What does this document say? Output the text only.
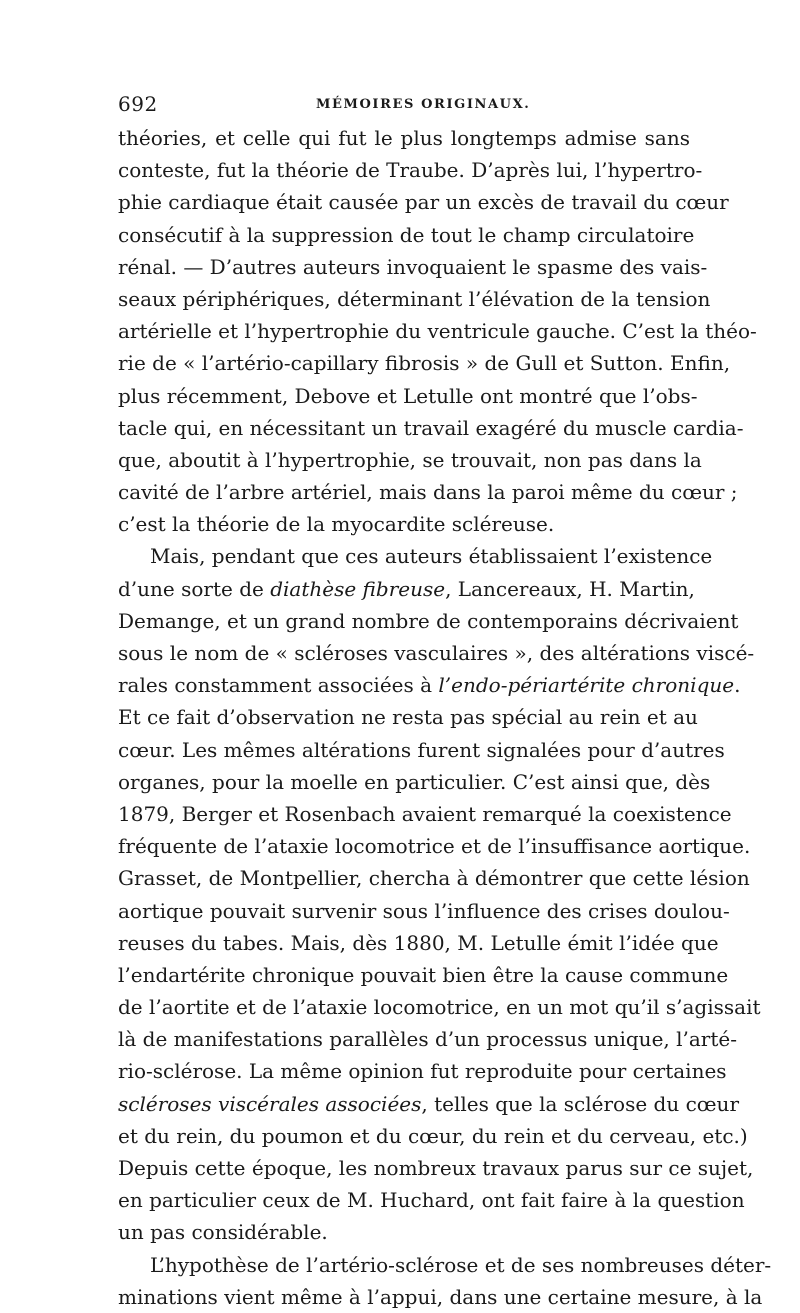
692	MÉMOIRES ORIGINAUX.
théories, et celle qui fut le plus longtemps admise sans
conteste, fut la théorie de Traube. D’après lui, l’hypertro-
phie cardiaque était causée par un excès de travail du cœur
consécutif à la suppression de tout le champ circulatoire
rénal. — D’autres auteurs invoquaient le spasme des vais-
seaux périphériques, déterminant l’élévation de la tension
artérielle et l’hypertrophie du ventricule gauche. C’est la théo-
rie de « l’artério-capillary fibrosis » de Gull et Sutton. Enfin,
plus récemment, Debove et Letulle ont montré que l’obs-
tacle qui, en nécessitant un travail exagéré du muscle cardia-
que, aboutit à l’hypertrophie, se trouvait, non pas dans la
cavité de l’arbre artériel, mais dans la paroi même du cœur ;
c’est la théorie de la myocardite scléreuse.
Mais, pendant que ces auteurs établissaient l’existence
d’une sorte de diathèse fibreuse, Lancereaux, H. Martin,
Demange, et un grand nombre de contemporains décrivaient
sous le nom de « scléroses vasculaires », des altérations viscé-
rales constamment associées à l’endo-périartérite chronique.
Et ce fait d’observation ne resta pas spécial au rein et au
cœur. Les mêmes altérations furent signalées pour d’autres
organes, pour la moelle en particulier. C’est ainsi que, dès
1879, Berger et Rosenbach avaient remarqué la coexistence
fréquente de l’ataxie locomotrice et de l’insuffisance aortique.
Grasset, de Montpellier, chercha à démontrer que cette lésion
aortique pouvait survenir sous l’influence des crises doulou-
reuses du tabes. Mais, dès 1880, M. Letulle émit l’idée que
l’endartérite chronique pouvait bien être la cause commune
de l’aortite et de l’ataxie locomotrice, en un mot qu’il s’agissait
là de manifestations parallèles d’un processus unique, l’arté-
rio-sclérose. La même opinion fut reproduite pour certaines
scléroses viscérales associées, telles que la sclérose du cœur
et du rein, du poumon et du cœur, du rein et du cerveau, etc.)
Depuis cette époque, les nombreux travaux parus sur ce sujet,
en particulier ceux de M. Huchard, ont fait faire à la question
un pas considérable.
L’hypothèse de l’artério-sclérose et de ses nombreuses déter-
minations vient même à l’appui, dans une certaine mesure, à la
